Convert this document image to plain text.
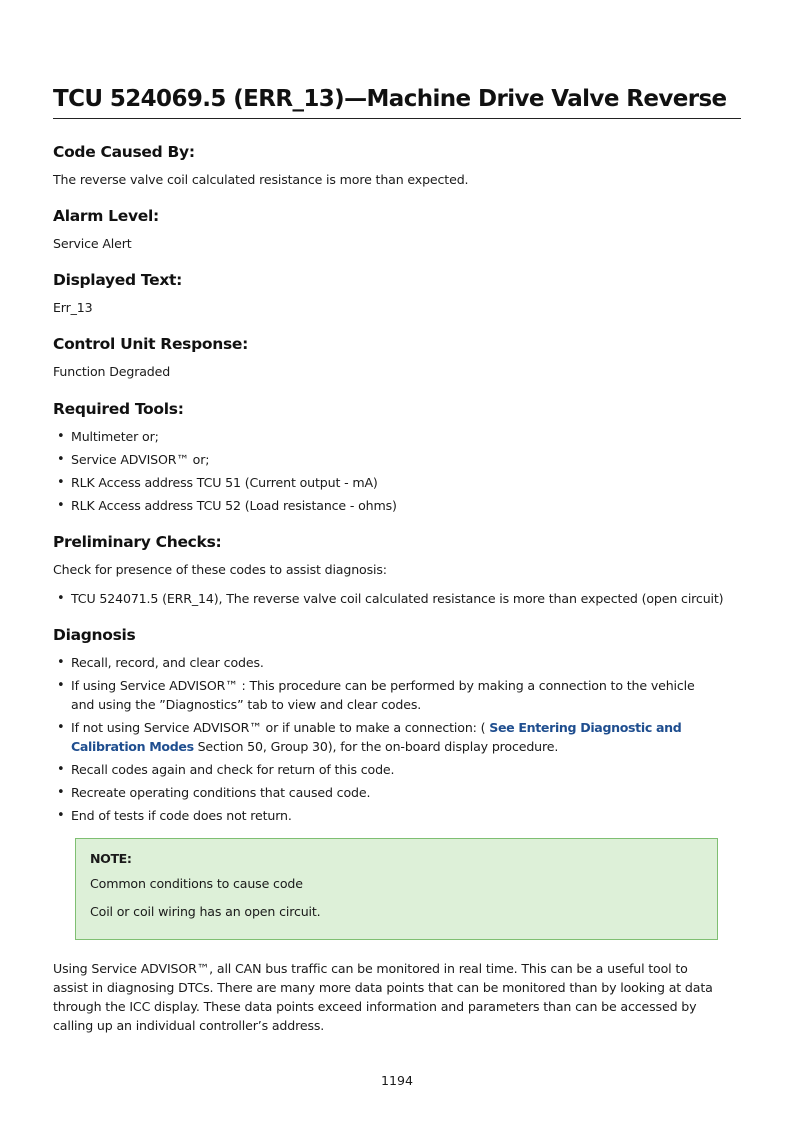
TCU 524069.5 (ERR_13)—Machine Drive Valve Reverse
Code Caused By:
The reverse valve coil calculated resistance is more than expected.
Alarm Level:
Service Alert
Displayed Text:
Err_13
Control Unit Response:
Function Degraded
Required Tools:
• Multimeter or;
• Service ADVISOR™ or;
• RLK Access address TCU 51 (Current output - mA)
• RLK Access address TCU 52 (Load resistance - ohms)
Preliminary Checks:
Check for presence of these codes to assist diagnosis:
• TCU 524071.5 (ERR_14), The reverse valve coil calculated resistance is more than expected (open circuit)
Diagnosis
• Recall, record, and clear codes.
• If using Service ADVISOR™ : This procedure can be performed by making a connection to the vehicle
and using the ”Diagnostics” tab to view and clear codes.
• If not using Service ADVISOR™ or if unable to make a connection: ( See Entering Diagnostic and
Calibration Modes Section 50, Group 30), for the on-board display procedure.
• Recall codes again and check for return of this code.
• Recreate operating conditions that caused code.
• End of tests if code does not return.
NOTE:
Common conditions to cause code
Coil or coil wiring has an open circuit.
Using Service ADVISOR™, all CAN bus traffic can be monitored in real time. This can be a useful tool to
assist in diagnosing DTCs. There are many more data points that can be monitored than by looking at data
through the ICC display. These data points exceed information and parameters than can be accessed by
calling up an individual controller’s address.
1194
